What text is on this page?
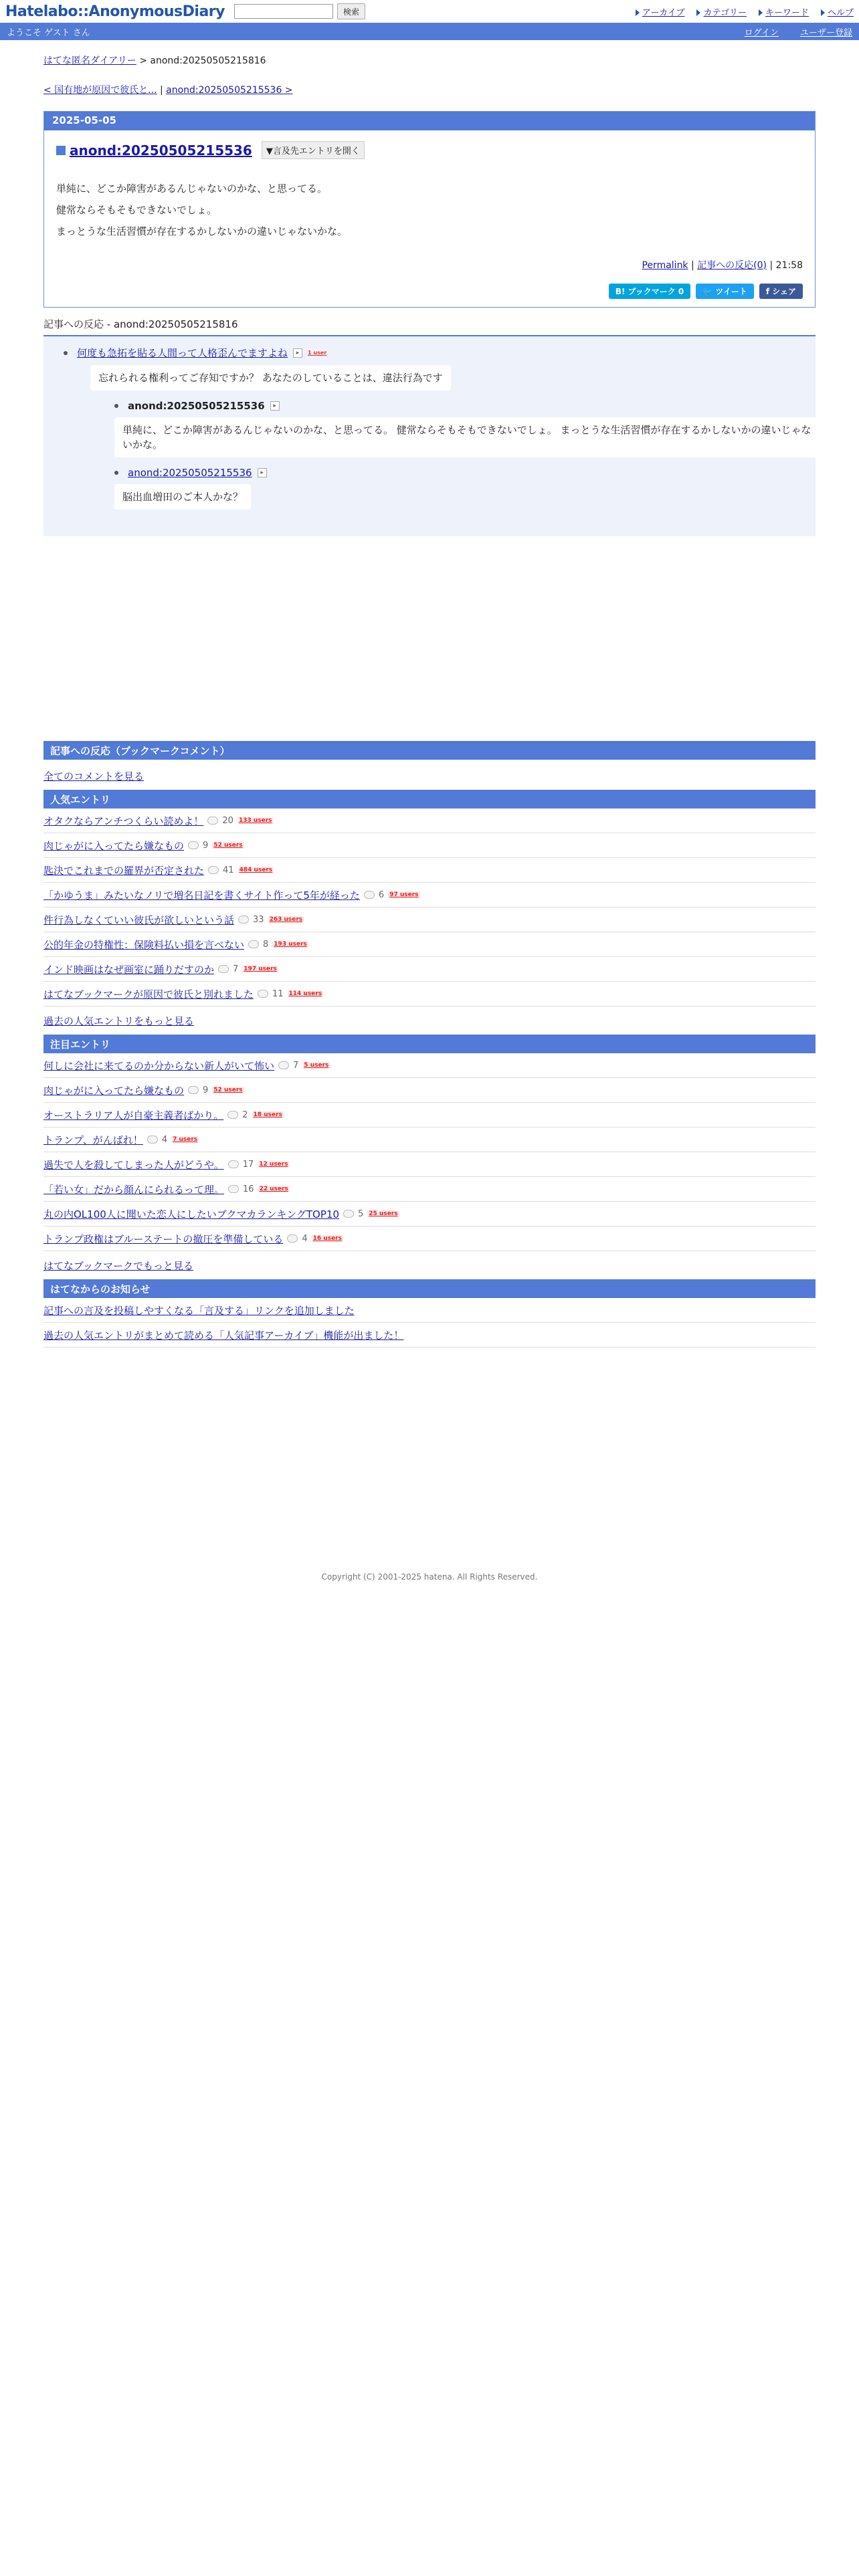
Hatelabo::AnonymousDiary	検索	アーカイブ	カテゴリー	キーワード	ヘルプ
ようこそ ゲスト さん	ログイン ユーザー登録
はてな匿名ダイアリー > anond:20250505215816
< 国有地が原因で彼氏と... | anond:20250505215536 >
2025-05-05
anond:20250505215536	▼言及先エントリを開く
単純に、どこか障害があるんじゃないのかな、と思ってる。
健常ならそもそもできないでしょ。
まっとうな生活習慣が存在するかしないかの違いじゃないかな。
Permalink | 記事への反応(0) | 21:58
B! ブックマーク 0	🐦 ツイート	f シェア
記事への反応 - anond:20250505215816
何度も急拓を貼る人間って人格歪んでますよね	▸	1 user
忘れられる権利ってご存知ですか？ あなたのしていることは、違法行為です
anond:20250505215536	▸
単純に、どこか障害があるんじゃないのかな、と思ってる。 健常ならそもそもできないでしょ。 まっとうな生活習慣が存在するかしないかの違いじゃないかな。
anond:20250505215536	▸
脳出血増田のご本人かな？
記事への反応（ブックマークコメント）
全てのコメントを見る
人気エントリ
オタクならアンチつくらい読めよ！ 20 133 users
肉じゃがに入ってたら嫌なもの 9 52 users
匙決でこれまでの羅界が否定された 41 484 users
「かゆうま」みたいなノリで増名日記を書くサイト作って5年が経った 6 97 users
件行為しなくていい彼氏が欲しいという話 33 263 users
公的年金の特権性：保険料払い損を言べない 8 193 users
インド映画はなぜ画室に踊りだすのか 7 197 users
はてなブックマークが原因で彼氏と別れました 11 114 users
過去の人気エントリをもっと見る
注目エントリ
何しに会社に来てるのか分からない新人がいて怖い 7 5 users
肉じゃがに入ってたら嫌なもの 9 52 users
オーストラリア人が自豪主義者ばかり。 2 18 users
トランプ、がんばれ！ 4 7 users
過失で人を殺してしまった人がどうや。 17 12 users
「若い女」だから顔んにられるって理。 16 22 users
丸の内OL100人に聞いた恋人にしたいブクマカランキングTOP10 5 25 users
トランプ政権はブルーステートの撤圧を準備している 4 16 users
はてなブックマークでもっと見る
はてなからのお知らせ
記事への言及を投稿しやすくなる「言及する」リンクを追加しました
過去の人気エントリがまとめて読める「人気記事アーカイブ」機能が出ました！
Copyright (C) 2001-2025 hatena. All Rights Reserved.
